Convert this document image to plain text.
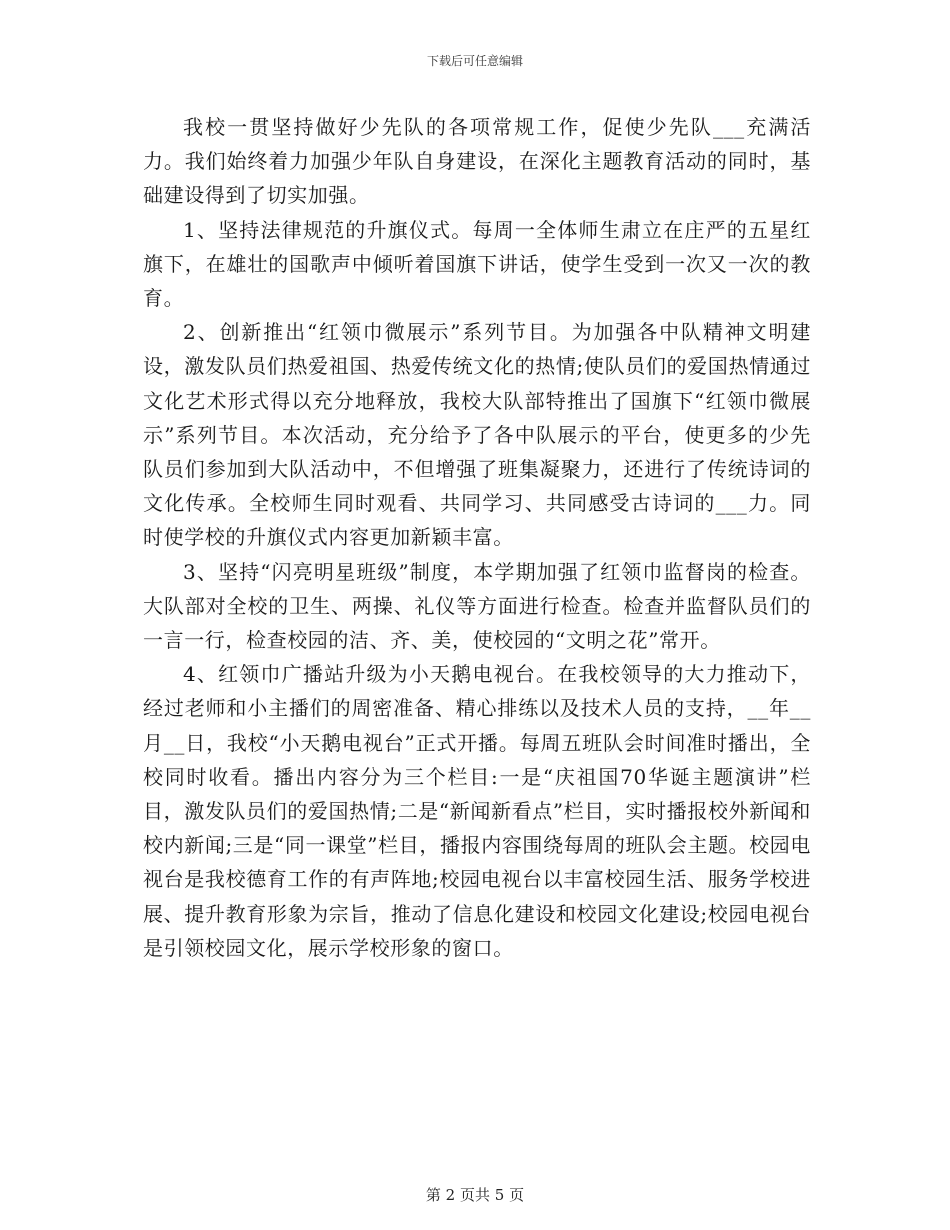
下载后可任意编辑

我校一贯坚持做好少先队的各项常规工作，促使少先队___充满活力。我们始终着力加强少年队自身建设，在深化主题教育活动的同时，基础建设得到了切实加强。

1、坚持法律规范的升旗仪式。每周一全体师生肃立在庄严的五星红旗下，在雄壮的国歌声中倾听着国旗下讲话，使学生受到一次又一次的教育。

2、创新推出“红领巾微展示”系列节目。为加强各中队精神文明建设，激发队员们热爱祖国、热爱传统文化的热情;使队员们的爱国热情通过文化艺术形式得以充分地释放，我校大队部特推出了国旗下“红领巾微展示”系列节目。本次活动，充分给予了各中队展示的平台，使更多的少先队员们参加到大队活动中，不但增强了班集凝聚力，还进行了传统诗词的文化传承。全校师生同时观看、共同学习、共同感受古诗词的___力。同时使学校的升旗仪式内容更加新颖丰富。

3、坚持“闪亮明星班级”制度，本学期加强了红领巾监督岗的检查。大队部对全校的卫生、两操、礼仪等方面进行检查。检查并监督队员们的一言一行，检查校园的洁、齐、美，使校园的“文明之花”常开。

4、红领巾广播站升级为小天鹅电视台。在我校领导的大力推动下，经过老师和小主播们的周密准备、精心排练以及技术人员的支持，__年__月__日，我校“小天鹅电视台”正式开播。每周五班队会时间准时播出，全校同时收看。播出内容分为三个栏目:一是“庆祖国70华诞主题演讲”栏目，激发队员们的爱国热情;二是“新闻新看点”栏目，实时播报校外新闻和校内新闻;三是“同一课堂”栏目，播报内容围绕每周的班队会主题。校园电视台是我校德育工作的有声阵地;校园电视台以丰富校园生活、服务学校进展、提升教育形象为宗旨，推动了信息化建设和校园文化建设;校园电视台是引领校园文化，展示学校形象的窗口。

第 2 页共 5 页
